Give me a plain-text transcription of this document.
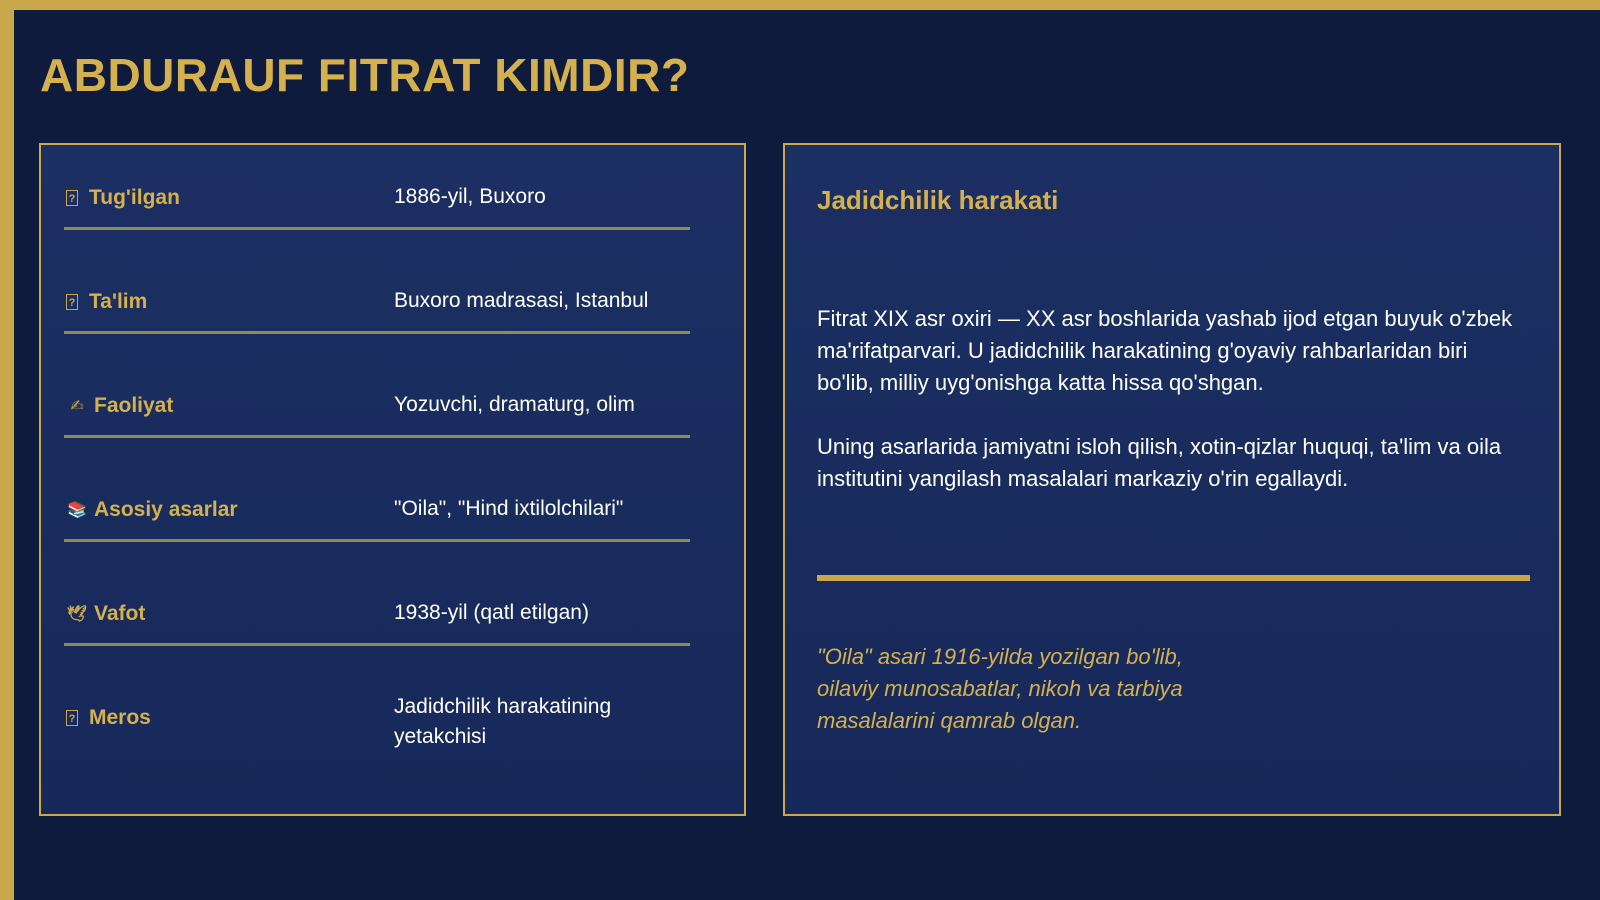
ABDURAUF FITRAT KIMDIR?
? Tug'ilgan	1886-yil, Buxoro
? Ta'lim	Buxoro madrasasi, Istanbul
✍ Faoliyat	Yozuvchi, dramaturg, olim
📚 Asosiy asarlar	"Oila", "Hind ixtilolchilari"
🕊 Vafot	1938-yil (qatl etilgan)
? Meros	Jadidchilik harakatining yetakchisi
Jadidchilik harakati

Fitrat XIX asr oxiri — XX asr boshlarida yashab ijod etgan buyuk o'zbek ma'rifatparvari. U jadidchilik harakatining g'oyaviy rahbarlaridan biri bo'lib, milliy uyg'onishga katta hissa qo'shgan.

Uning asarlarida jamiyatni isloh qilish, xotin-qizlar huquqi, ta'lim va oila institutini yangilash masalalari markaziy o'rin egallaydi.

"Oila" asari 1916-yilda yozilgan bo'lib, oilaviy munosabatlar, nikoh va tarbiya masalalarini qamrab olgan.
